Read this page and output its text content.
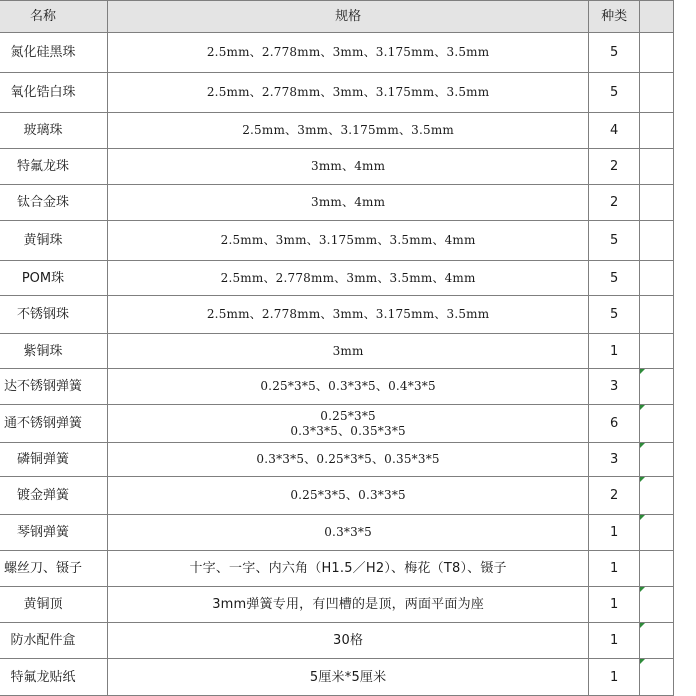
名称	规格	种类	
氮化硅黑珠	2.5mm、2.778mm、3mm、3.175mm、3.5mm	5	
氧化锆白珠	2.5mm、2.778mm、3mm、3.175mm、3.5mm	5	
玻璃珠	2.5mm、3mm、3.175mm、3.5mm	4	
特氟龙珠	3mm、4mm	2	
钛合金珠	3mm、4mm	2	
黄铜珠	2.5mm、3mm、3.175mm、3.5mm、4mm	5	
POM珠	2.5mm、2.778mm、3mm、3.5mm、4mm	5	
不锈钢珠	2.5mm、2.778mm、3mm、3.175mm、3.5mm	5	
紫铜珠	3mm	1	
达不锈钢弹簧	0.25*3*5、0.3*3*5、0.4*3*5	3	

通不锈钢弹簧	0.25*3*5
0.3*3*5、0.35*3*5	6	

磷铜弹簧	0.3*3*5、0.25*3*5、0.35*3*5	3	

镀金弹簧	0.25*3*5、0.3*3*5	2	

琴钢弹簧	0.3*3*5	1	

螺丝刀、镊子	十字、一字、内六角（H1.5／H2）、梅花（T8）、镊子	1	
黄铜顶	3mm弹簧专用，有凹槽的是顶，两面平面为座	1	

防水配件盒	30格	1	

特氟龙贴纸	5厘米*5厘米	1	
